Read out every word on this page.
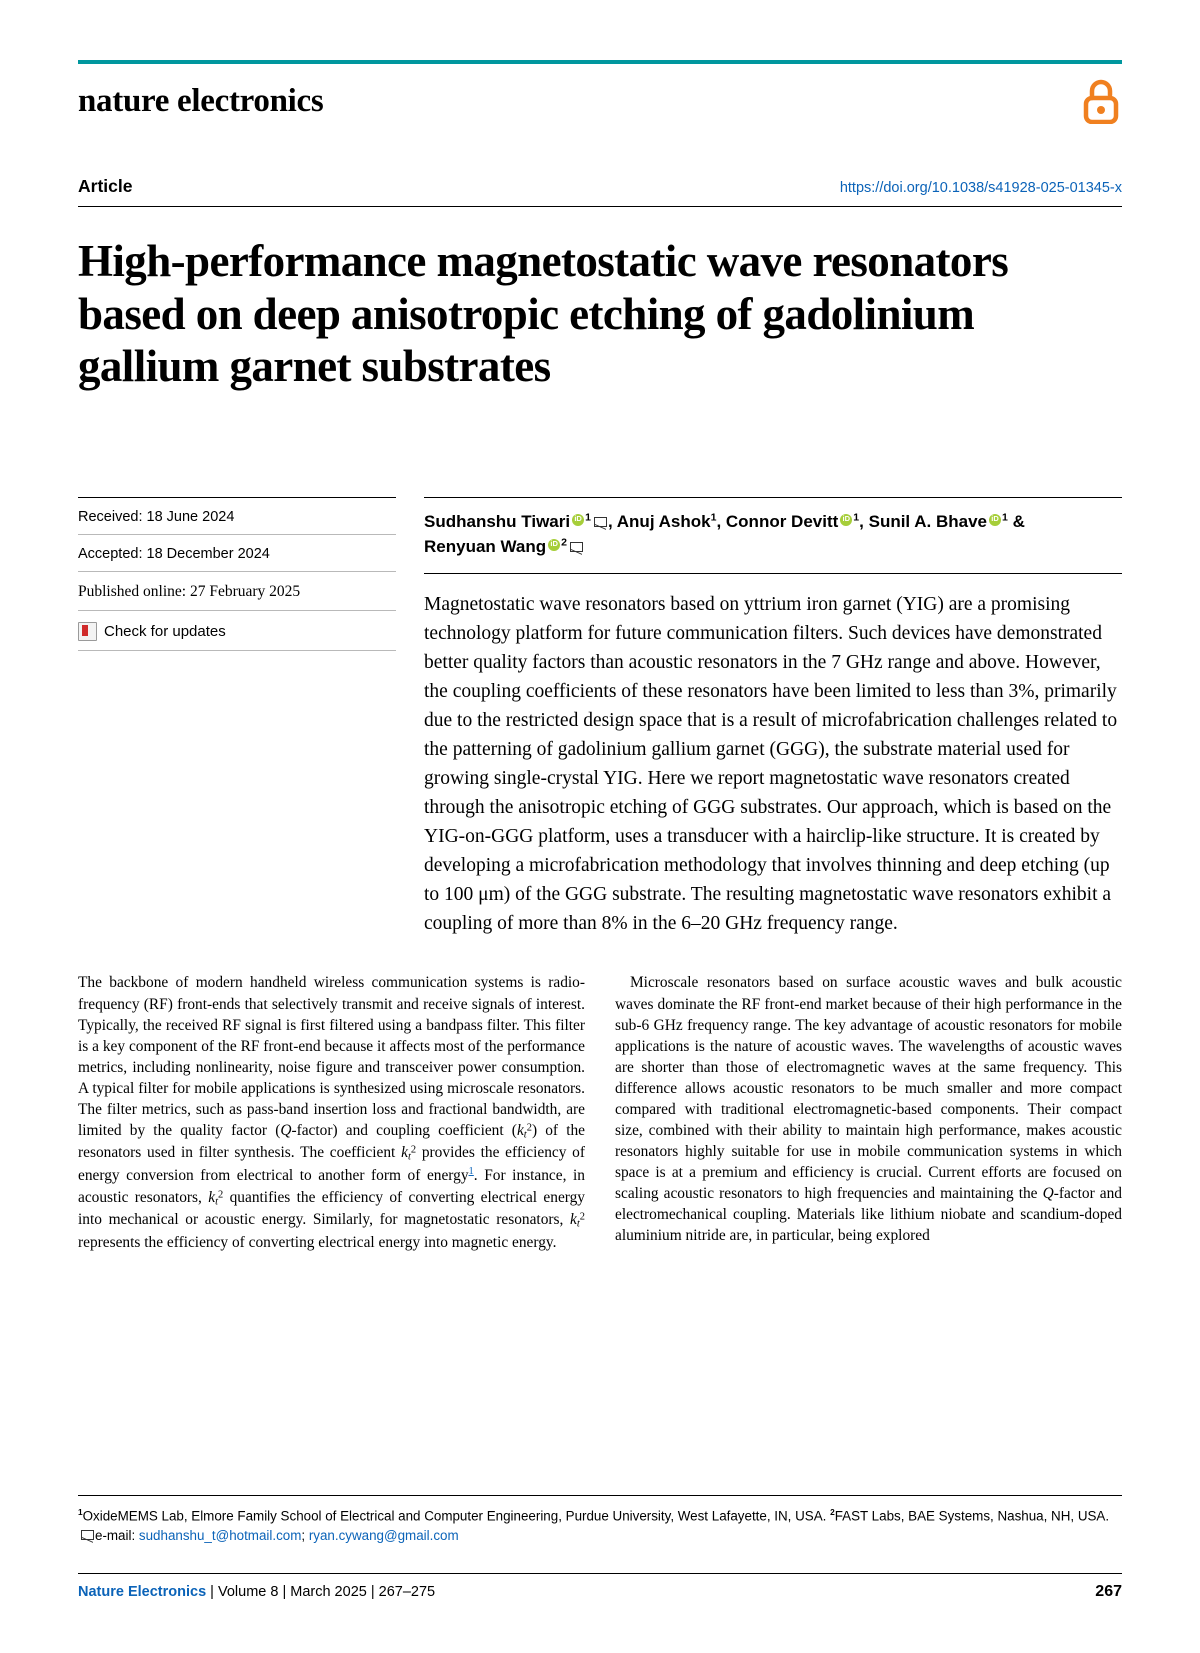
nature electronics
Article	https://doi.org/10.1038/s41928-025-01345-x
High-performance magnetostatic wave resonators based on deep anisotropic etching of gadolinium gallium garnet substrates
Received: 18 June 2024
Accepted: 18 December 2024
Published online: 27 February 2025
Check for updates
Sudhanshu Tiwari iD $^1$ , Anuj Ashok$^1$, Connor Devitt iD $^1$, Sunil A. Bhave iD $^1$ &
Renyuan Wang iD $^2$
Magnetostatic wave resonators based on yttrium iron garnet (YIG) are a promising technology platform for future communication filters. Such devices have demonstrated better quality factors than acoustic resonators in the 7 GHz range and above. However, the coupling coefficients of these resonators have been limited to less than 3%, primarily due to the restricted design space that is a result of microfabrication challenges related to the patterning of gadolinium gallium garnet (GGG), the substrate material used for growing single-crystal YIG. Here we report magnetostatic wave resonators created through the anisotropic etching of GGG substrates. Our approach, which is based on the YIG-on-GGG platform, uses a transducer with a hairclip-like structure. It is created by developing a microfabrication methodology that involves thinning and deep etching (up to 100 μm) of the GGG substrate. The resulting magnetostatic wave resonators exhibit a coupling of more than 8% in the 6–20 GHz frequency range.

The backbone of modern handheld wireless communication systems is radio-frequency (RF) front-ends that selectively transmit and receive signals of interest. Typically, the received RF signal is first filtered using a bandpass filter. This filter is a key component of the RF front-end because it affects most of the performance metrics, including nonlinearity, noise figure and transceiver power consumption. A typical filter for mobile applications is synthesized using microscale resonators. The filter metrics, such as pass-band insertion loss and fractional bandwidth, are limited by the quality factor (Q-factor) and coupling coefficient $(k_t^2)$ of the resonators used in filter synthesis. The coefficient $k_t^2$ provides the efficiency of energy conversion from electrical to another form of energy$^1$. For instance, in acoustic resonators, $k_t^2$ quantifies the efficiency of converting electrical energy into mechanical or acoustic energy. Similarly, for magnetostatic resonators, $k_t^2$ represents the efficiency of converting electrical energy into magnetic energy.

Microscale resonators based on surface acoustic waves and bulk acoustic waves dominate the RF front-end market because of their high performance in the sub-6 GHz frequency range. The key advantage of acoustic resonators for mobile applications is the nature of acoustic waves. The wavelengths of acoustic waves are shorter than those of electromagnetic waves at the same frequency. This difference allows acoustic resonators to be much smaller and more compact compared with traditional electromagnetic-based components. Their compact size, combined with their ability to maintain high performance, makes acoustic resonators highly suitable for use in mobile communication systems in which space is at a premium and efficiency is crucial. Current efforts are focused on scaling acoustic resonators to high frequencies and maintaining the Q-factor and electromechanical coupling. Materials like lithium niobate and scandium-doped aluminium nitride are, in particular, being explored

$^1$OxideMEMS Lab, Elmore Family School of Electrical and Computer Engineering, Purdue University, West Lafayette, IN, USA. $^2$FAST Labs, BAE Systems, Nashua, NH, USA. e-mail: sudhanshu_t@hotmail.com; ryan.cywang@gmail.com
Nature Electronics | Volume 8 | March 2025 | 267–275	267
